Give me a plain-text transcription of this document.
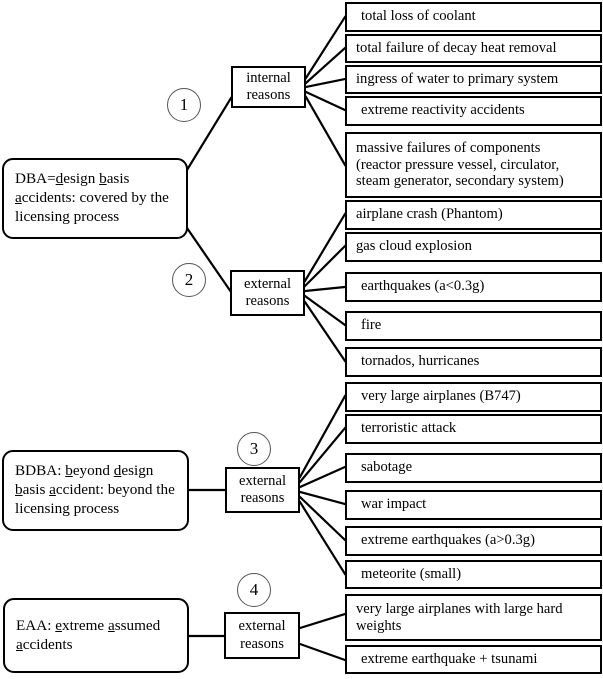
1
2
3
4
DBA=design basis accidents: covered by the licensing process
BDBA: beyond design basis accident: beyond the licensing process
EAA: extreme assumed accidents
internal
reasons
external
reasons
external
reasons
external
reasons
total loss of coolant
total failure of decay heat removal
ingress of water to primary system
extreme reactivity accidents
massive failures of components
(reactor pressure vessel, circulator,
steam generator, secondary system)
airplane crash (Phantom)
gas cloud explosion
earthquakes (a<0.3g)
fire
tornados, hurricanes
very large airplanes (B747)
terroristic attack
sabotage
war impact
extreme earthquakes (a>0.3g)
meteorite (small)
very large airplanes with large hard
weights
extreme earthquake + tsunami
